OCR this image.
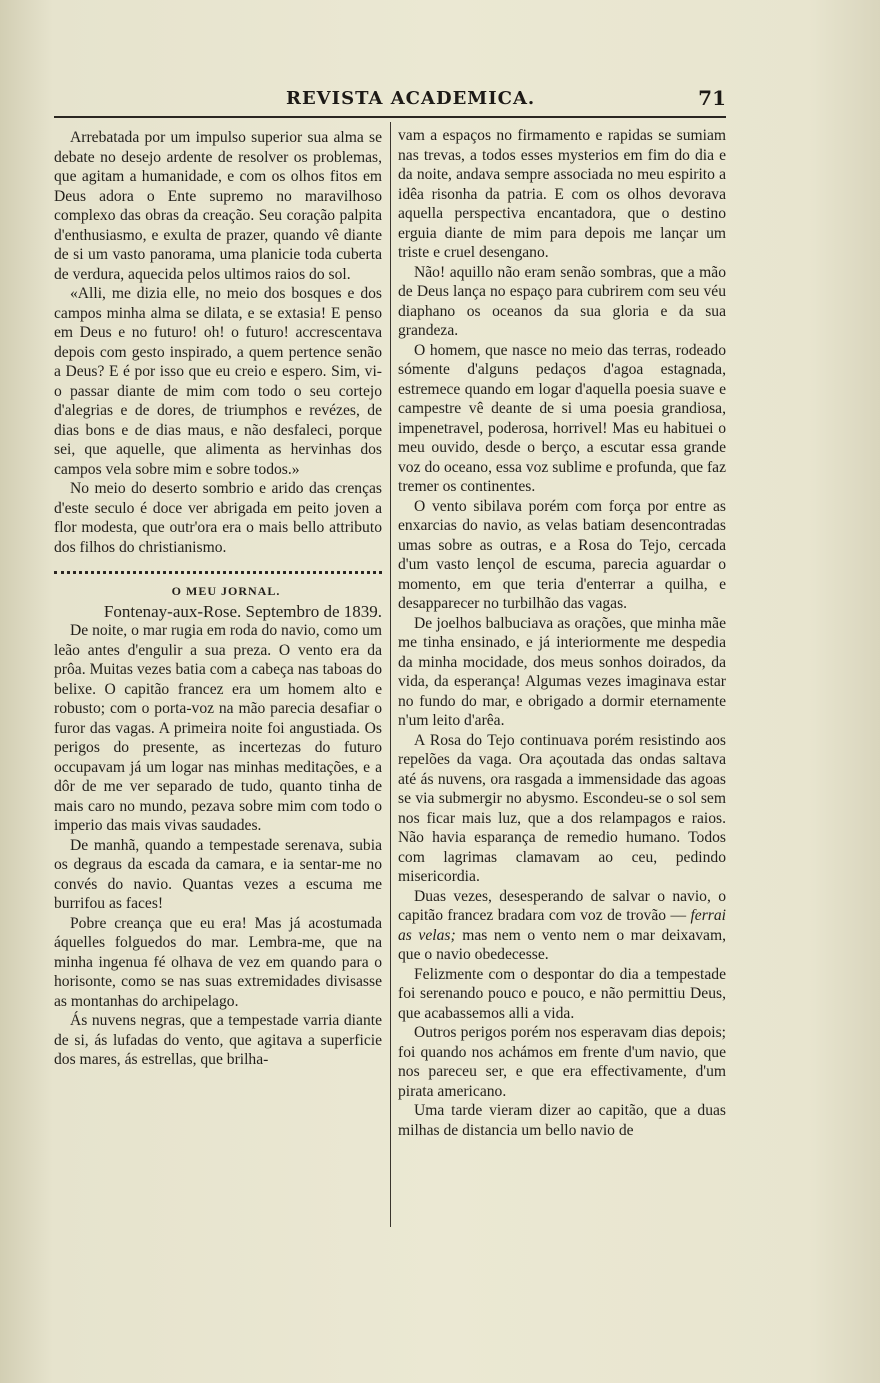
REVISTA ACADEMICA.	71

Arrebatada por um impulso superior sua alma se debate no desejo ardente de resolver os problemas, que agitam a humanidade, e com os olhos fitos em Deus adora o Ente supremo no maravilhoso complexo das obras da creação. Seu coração palpita d'enthusiasmo, e exulta de prazer, quando vê diante de si um vasto panorama, uma planicie toda cuberta de verdura, aquecida pelos ultimos raios do sol.

«Alli, me dizia elle, no meio dos bosques e dos campos minha alma se dilata, e se extasia! E penso em Deus e no futuro! oh! o futuro! accrescentava depois com gesto inspirado, a quem pertence senão a Deus? E é por isso que eu creio e espero. Sim, vi-o passar diante de mim com todo o seu cortejo d'alegrias e de dores, de triumphos e revézes, de dias bons e de dias maus, e não desfaleci, porque sei, que aquelle, que alimenta as hervinhas dos campos vela sobre mim e sobre todos.»

No meio do deserto sombrio e arido das crenças d'este seculo é doce ver abrigada em peito joven a flor modesta, que outr'ora era o mais bello attributo dos filhos do christianismo.

O MEU JORNAL.

Fontenay-aux-Rose. Septembro de 1839.

De noite, o mar rugia em roda do navio, como um leão antes d'engulir a sua preza. O vento era da prôa. Muitas vezes batia com a cabeça nas taboas do belixe. O capitão francez era um homem alto e robusto; com o porta-voz na mão parecia desafiar o furor das vagas. A primeira noite foi angustiada. Os perigos do presente, as incertezas do futuro occupavam já um logar nas minhas meditações, e a dôr de me ver separado de tudo, quanto tinha de mais caro no mundo, pezava sobre mim com todo o imperio das mais vivas saudades.

De manhã, quando a tempestade serenava, subia os degraus da escada da camara, e ia sentar-me no convés do navio. Quantas vezes a escuma me burrifou as faces!

Pobre creança que eu era! Mas já acostumada áquelles folguedos do mar. Lembra-me, que na minha ingenua fé olhava de vez em quando para o horisonte, como se nas suas extremidades divisasse as montanhas do archipelago.

Ás nuvens negras, que a tempestade varria diante de si, ás lufadas do vento, que agitava a superficie dos mares, ás estrellas, que brilha-

vam a espaços no firmamento e rapidas se sumiam nas trevas, a todos esses mysterios em fim do dia e da noite, andava sempre associada no meu espirito a idêa risonha da patria. E com os olhos devorava aquella perspectiva encantadora, que o destino erguia diante de mim para depois me lançar um triste e cruel desengano.

Não! aquillo não eram senão sombras, que a mão de Deus lança no espaço para cubrirem com seu véu diaphano os oceanos da sua gloria e da sua grandeza.

O homem, que nasce no meio das terras, rodeado sómente d'alguns pedaços d'agoa estagnada, estremece quando em logar d'aquella poesia suave e campestre vê deante de si uma poesia grandiosa, impenetravel, poderosa, horrivel! Mas eu habituei o meu ouvido, desde o berço, a escutar essa grande voz do oceano, essa voz sublime e profunda, que faz tremer os continentes.

O vento sibilava porém com força por entre as enxarcias do navio, as velas batiam desencontradas umas sobre as outras, e a Rosa do Tejo, cercada d'um vasto lençol de escuma, parecia aguardar o momento, em que teria d'enterrar a quilha, e desapparecer no turbilhão das vagas.

De joelhos balbuciava as orações, que minha mãe me tinha ensinado, e já interiormente me despedia da minha mocidade, dos meus sonhos doirados, da vida, da esperança! Algumas vezes imaginava estar no fundo do mar, e obrigado a dormir eternamente n'um leito d'arêa.

A Rosa do Tejo continuava porém resistindo aos repelões da vaga. Ora açoutada das ondas saltava até ás nuvens, ora rasgada a immensidade das agoas se via submergir no abysmo. Escondeu-se o sol sem nos ficar mais luz, que a dos relampagos e raios. Não havia esparança de remedio humano. Todos com lagrimas clamavam ao ceu, pedindo misericordia.

Duas vezes, desesperando de salvar o navio, o capitão francez bradara com voz de trovão — ferrai as velas; mas nem o vento nem o mar deixavam, que o navio obedecesse.

Felizmente com o despontar do dia a tempestade foi serenando pouco e pouco, e não permittiu Deus, que acabassemos alli a vida.

Outros perigos porém nos esperavam dias depois; foi quando nos achámos em frente d'um navio, que nos pareceu ser, e que era effectivamente, d'um pirata americano.

Uma tarde vieram dizer ao capitão, que a duas milhas de distancia um bello navio de
